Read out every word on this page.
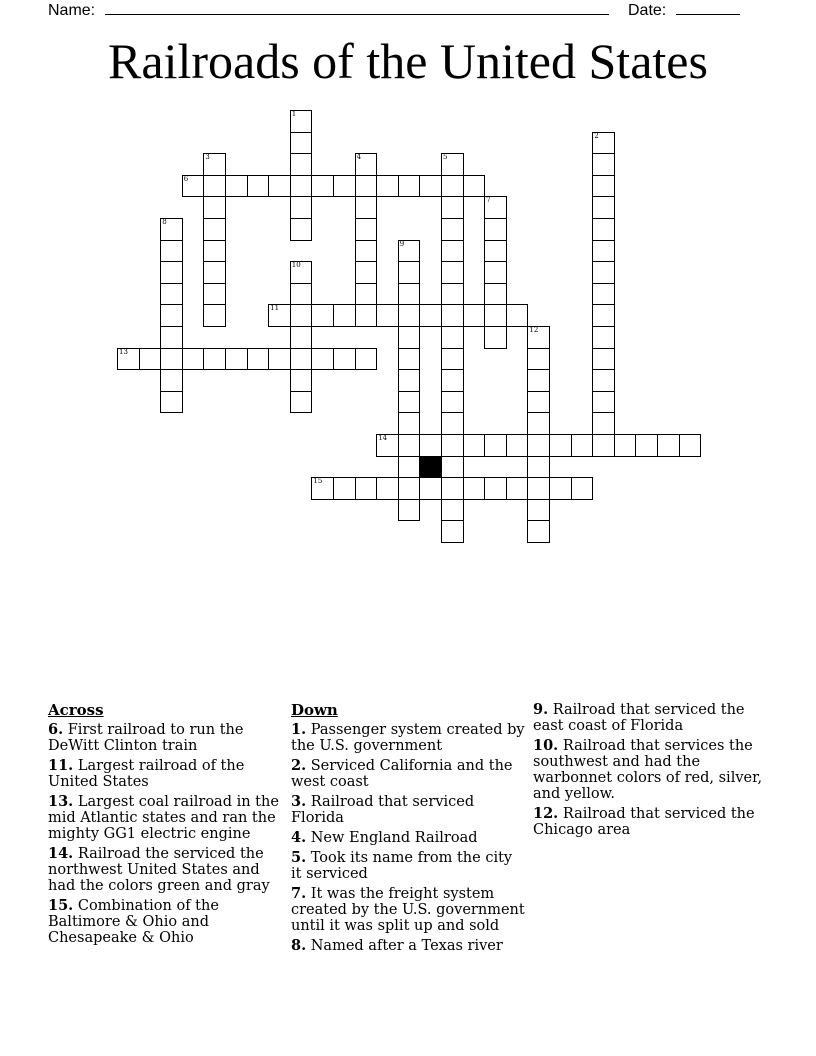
Name:	Date:
Railroads of the United States
6
11
13
14
15
1
2
3	4	5
7
8
9
10
12
Across
6. First railroad to run the DeWitt Clinton train
11. Largest railroad of the United States
13. Largest coal railroad in the mid Atlantic states and ran the mighty GG1 electric engine
14. Railroad the serviced the northwest United States and had the colors green and gray
15. Combination of the Baltimore & Ohio and Chesapeake & Ohio
Down
1. Passenger system created by the U.S. government
2. Serviced California and the west coast
3. Railroad that serviced Florida
4. New England Railroad
5. Took its name from the city it serviced
7. It was the freight system created by the U.S. government until it was split up and sold
8. Named after a Texas river
9. Railroad that serviced the east coast of Florida
10. Railroad that services the southwest and had the warbonnet colors of red, silver, and yellow.
12. Railroad that serviced the Chicago area
